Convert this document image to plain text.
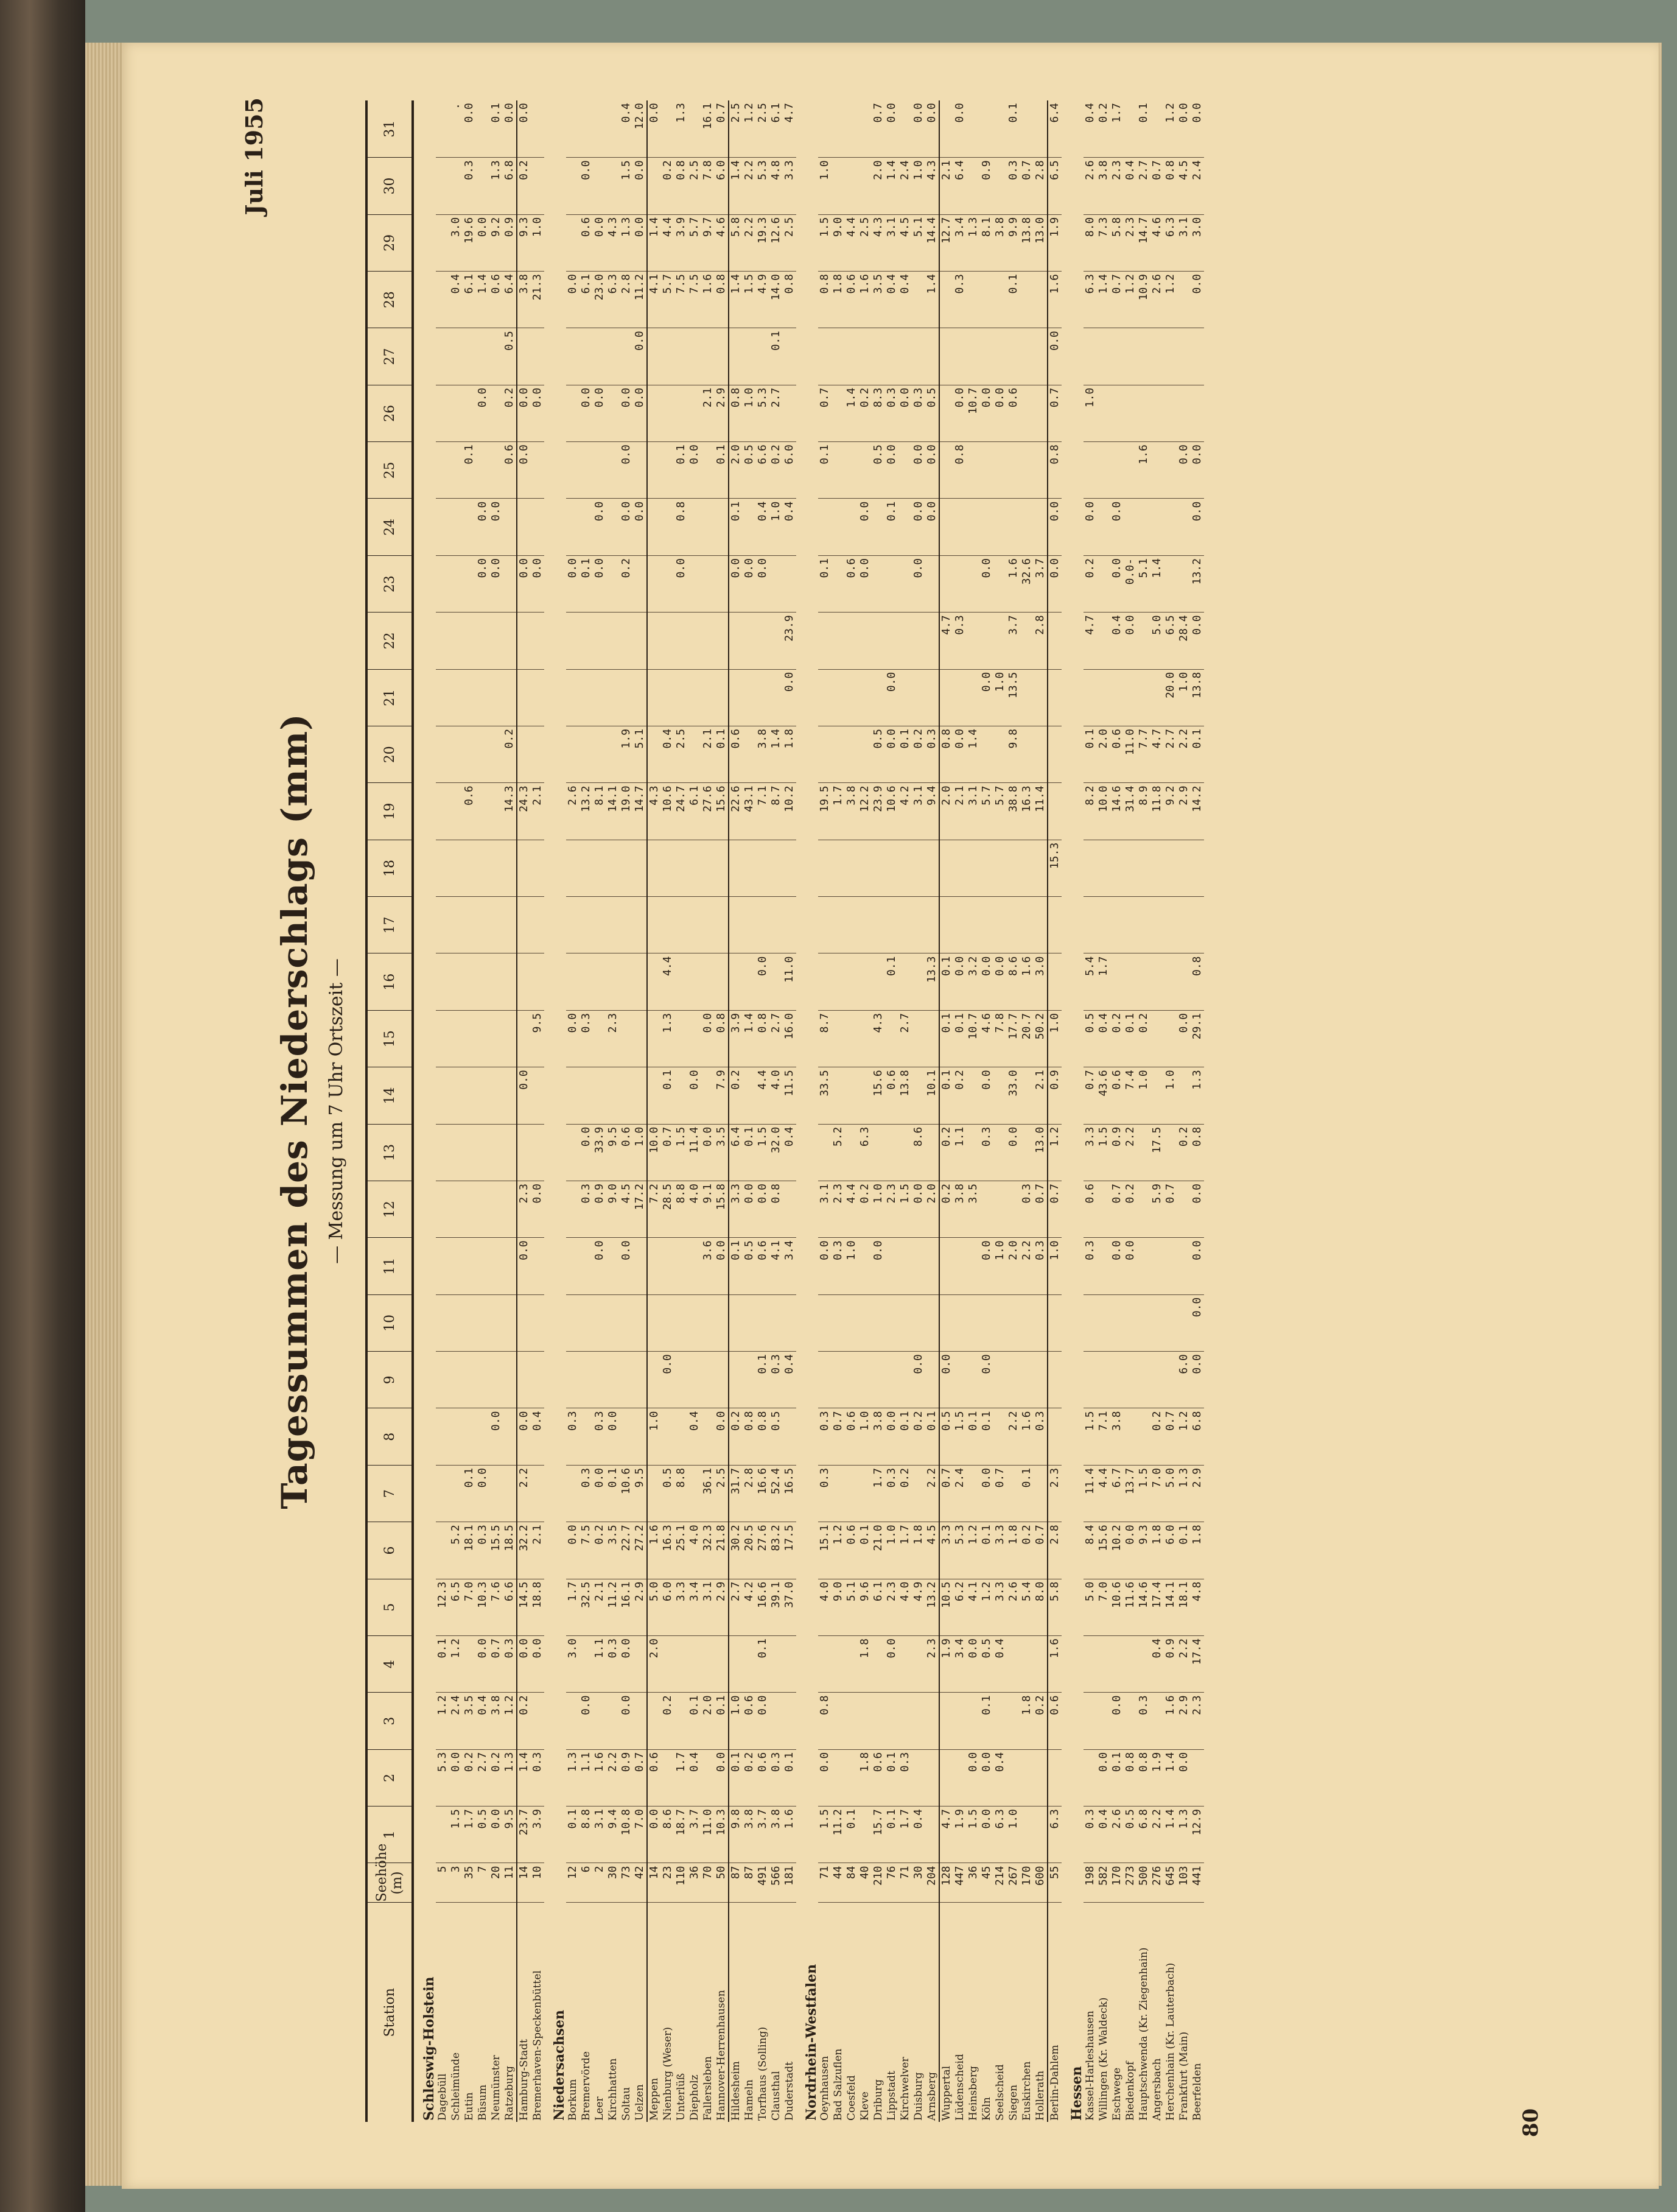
80
Juli 1955
Tagessummen des Niederschlags (mm) — Messung um 7 Uhr Ortszeit —
Station	Seehöhe (m)	1	2	3	4	5	6	7	8	9	10	11	12	13	14	15	16	17	18	19	20	21	22	23	24	25	26	27	28	29	30	31
Schleswig-Holstein																																
Dagebüll	5		5.3	1.2	0.1	12.3																										
Schleimünde	3	1.5	0.0	2.4	1.2	6.5	5.2																						0.4	3.0		.
Eutin	35	1.7	0.2	3.5		7.0	18.1	0.1												0.6						0.1			6.1	19.6	0.3	0.0
Büsum	7	0.5	2.7	0.4	0.0	10.3	0.3	0.0																0.0	0.0		0.0		1.4	0.0		
Neumünster	20	0.0	0.2	3.8	0.7	7.6	15.5		0.0															0.0	0.0				0.6	9.2	1.3	0.1
Ratzeburg	11	9.5	1.3	1.2	0.3	6.6	18.5													14.3	0.2					0.6	0.2	0.5	6.4	0.9	6.8	0.0
Hamburg-Stadt	14	23.7	1.4	0.2	0.0	14.5	32.2	2.2	0.0			0.0	2.3		0.0					24.3				0.0		0.0	0.0		3.8	9.3	0.2	0.0
Bremerhaven-Speckenbüttel	10	3.9	0.3		0.0	18.8	2.1		0.4				0.0			9.5				2.1				0.0			0.0		21.3	1.0		
Niedersachsen																																
Borkum	12	0.1	1.3		3.0	1.7	0.0		0.3							0.0				2.6				0.0					0.0			
Bremervörde	6	8.8	1.1	0.0		32.5	7.5	0.3					0.3	0.0		0.3				13.2				0.1			0.0		6.1	0.6	0.0	
Leer	2	3.1	1.6		1.1	2.1	0.2	0.0	0.3			0.0	0.9	33.9						8.1				0.0	0.0		0.0		23.0	0.0		
Kirchhatten	30	9.4	2.2		0.3	11.2	3.5	0.1	0.0				9.0	9.5		2.3				14.1									6.3	4.3		
Soltau	73	10.8	0.9	0.0	0.0	16.1	22.7	10.6				0.0	4.5	0.6						19.0	1.9			0.2	0.0	0.0	0.0		2.8	1.3	1.5	0.4
Uelzen	42	7.0	0.7			2.9	27.2	9.5					17.2	1.0						14.7	5.1				0.0		0.0	0.0	11.2	0.0	0.0	12.0
Meppen	14	0.0	0.6		2.0	5.0	1.6		1.0				7.2	10.0						4.3									4.1	1.4		0.0
Nienburg (Weser)	23	8.6		0.2		6.0	16.3	0.5		0.0			28.5	0.7	0.1	1.3	4.4			10.6	0.4								5.7	4.4	0.2	
Unterlüß	110	18.7	1.7			3.3	25.1	8.8					8.8	1.5						24.7	2.5			0.0	0.8	0.1			7.5	3.9	0.8	1.3
Diepholz	36	3.7	0.4	0.1		3.4	4.0		0.4				4.0	11.4	0.0					6.1						0.0			7.5	5.7	2.5	
Fallersleben	70	11.0		2.0		3.1	32.3	36.1				3.6	9.1	0.0		0.0				27.6	2.1						2.1		1.6	9.7	7.8	16.1
Hannover-Herrenhausen	50	10.3	0.0	0.1		2.9	21.8	2.5	0.0			0.0	15.8	3.5	7.9	0.8				15.6	0.1					0.1	2.9		0.8	4.6	6.0	0.7
Hildesheim	87	9.8	0.1	1.0		2.7	30.2	31.7	0.2			0.1	3.3	6.4	0.2	3.9				22.6	0.6			0.0	0.1	2.0	0.8		1.4	5.8	1.4	2.5
Hameln	87	3.8	0.2	0.6		4.2	20.5	2.8	0.8			0.5	0.0	0.1		1.4				43.1				0.0		0.5	1.0		1.5	2.2	2.2	1.2
Torfhaus (Solling)	491	3.7	0.6	0.0	0.1	16.6	27.6	16.6	0.8	0.1		0.6	0.0	1.5	4.4	0.8	0.0			7.1	3.8			0.0	0.4	6.6	5.3		4.9	19.3	5.3	2.5
Clausthal	566	3.8	0.3			39.1	83.2	52.4	0.5	0.3		4.1	0.8	32.0	4.0	2.7				8.7	1.4				1.0	0.2	2.7	0.1	14.0	12.6	4.8	6.1
Duderstadt	181	1.6	0.1			37.0	17.5	16.5		0.4		3.4		0.4	11.5	16.0	11.0			10.2	1.8	0.0	23.9		0.4	6.0			0.8	2.5	3.3	4.7
Nordrhein-Westfalen																																
Oeynhausen	71	1.5	0.0	0.8		4.0	15.1	0.3	0.3			0.0	3.1		33.5	8.7				19.5				0.1		0.1	0.7		0.8	1.5	1.0	
Bad Salzuflen	44	11.2				9.0	1.2		0.7			0.3	2.3	5.2						1.7									1.8	9.0		
Coesfeld	84	0.1				5.1	0.6		0.6			1.0	4.4							3.8				0.6			1.4		0.6	4.4		
Kleve	40		1.8		1.8	9.6	0.1		1.0				0.2	6.3						12.2				0.0	0.0		0.2		1.6	2.5		
Driburg	210	15.7	0.6			6.1	21.0	1.7	3.8			0.0	1.0		15.6	4.3				23.9	0.5					0.5	8.3		3.5	4.3	2.0	0.7
Lippstadt	76	0.1	0.1		0.0	2.3	1.0	0.3	0.0				2.3		0.6		0.1			10.6	0.0	0.0			0.1	0.0	0.3		0.4	3.1	1.4	0.0
Kirchwelver	71	1.7	0.3			4.0	1.7	0.2	0.1				1.5		13.8	2.7				4.2	0.1						0.0		0.4	4.5	2.4	
Duisburg	30	0.4				4.9	1.8		0.2	0.0			0.0	8.6						3.1	0.2			0.0	0.0	0.0	0.3			5.1	1.0	0.0
Arnsberg	204				2.3	13.2	4.5	2.2	0.1				2.0		10.1		13.3			9.4	0.3				0.0	0.0	0.5		1.4	14.4	4.3	0.0
Wuppertal	128	4.7			1.9	10.5	3.3	0.7	0.5	0.0			0.2	0.2	0.1	0.1	0.1			2.0	0.8		4.7							12.7	2.1	
Lüdenscheid	447	1.9			3.4	6.2	5.3	2.4	1.5				3.8	1.1	0.2	0.1	0.0			2.1	0.0		0.3			0.8	0.0		0.3	3.4	6.4	0.0
Heinsberg	36	1.5	0.0		0.0	4.1	1.2		0.1				3.5			10.7	3.2			3.1	1.4						10.7			1.3		
Köln	45	0.0	0.0	0.1	0.5	1.2	0.1	0.0	0.1	0.0		0.0		0.3	0.0	4.6	0.0			5.7		0.0		0.0			0.0			8.1	0.9	
Seelscheid	214	6.3	0.4		0.4	3.3	3.3	0.7				1.0				7.8	0.0			5.7		1.0					0.0			3.8		
Siegen	267	1.0				2.6	1.8		2.2			2.0		0.0	33.0	17.7	8.6			38.8	9.8	13.5	3.7	1.6			0.6		0.1	9.9	0.3	0.1
Euskirchen	170			1.8		5.4	0.2	0.1	1.6			2.2	0.3			20.7	1.6			16.3				32.6						13.8	0.7	
Hollerath	600			0.2		8.0	0.7		0.3			0.3	0.7	13.0	2.1	50.2	3.0			11.4			2.8	3.7						13.0	2.8	
Berlin-Dahlem	55	6.3		0.6	1.6	5.8	2.8	2.3				1.0	0.7	1.2	0.9	1.0			15.3					0.0	0.0	0.8	0.7	0.0	1.6	1.9	6.5	6.4
Hessen																																
Kassel-Harleshausen	198	0.3				5.0	8.4	11.4	1.5			0.3	0.6	3.3	0.7	0.5	5.4			8.2	0.1		4.7	0.2	0.0		1.0		6.3	8.0	2.6	0.4
Willingen (Kr. Waldeck)	582	0.4	0.0			7.0	15.6	4.4	7.1					1.5	43.6	0.4	1.7			10.0	2.0								1.4	7.3	3.8	0.2
Eschwege	170	2.6	0.1	0.0		10.6	10.2	6.7	3.8			0.0	0.7	0.9	0.6	0.2				14.6	0.6		0.4	0.0	0.0				0.7	5.8	2.3	1.7
Biedenkopf	273	0.5	0.8			11.6	0.0	13.7				0.0	0.2	2.2	7.4	0.1				31.4	11.0		0.0	0.0-					1.2	2.3	0.4	
Hauptschwenda (Kr. Ziegenhain)	500	6.8	0.8	0.3		14.6	9.3	1.5							1.0	0.2				8.9	7.7			5.1		1.6			10.9	14.7	2.7	0.1
Angersbach	276	2.2	1.9		0.4	17.4	1.8	7.0	0.2				5.9	17.5						11.8	4.7		5.0	1.4					2.6	4.6	0.7	
Herchenhain (Kr. Lauterbach)	645	1.4	1.4	1.6	0.9	14.1	6.0	5.0	0.7				0.7		1.0					9.2	2.7	20.0	6.5						1.2	6.3	0.8	1.2
Frankfurt (Main)	103	1.3	0.0	2.9	2.2	18.1	0.1	1.3	1.2	6.0				0.2		0.0				2.9	2.2	1.0	28.4			0.0				3.1	4.5	0.0
Beerfelden	441	12.9		2.3	17.4	4.8	1.8	2.9	6.8	0.0	0.0	0.0	0.0	0.8	1.3	29.1	0.8			14.2	0.1	13.8	0.0	13.2	0.0	0.0			0.0	3.0	2.4	0.0
